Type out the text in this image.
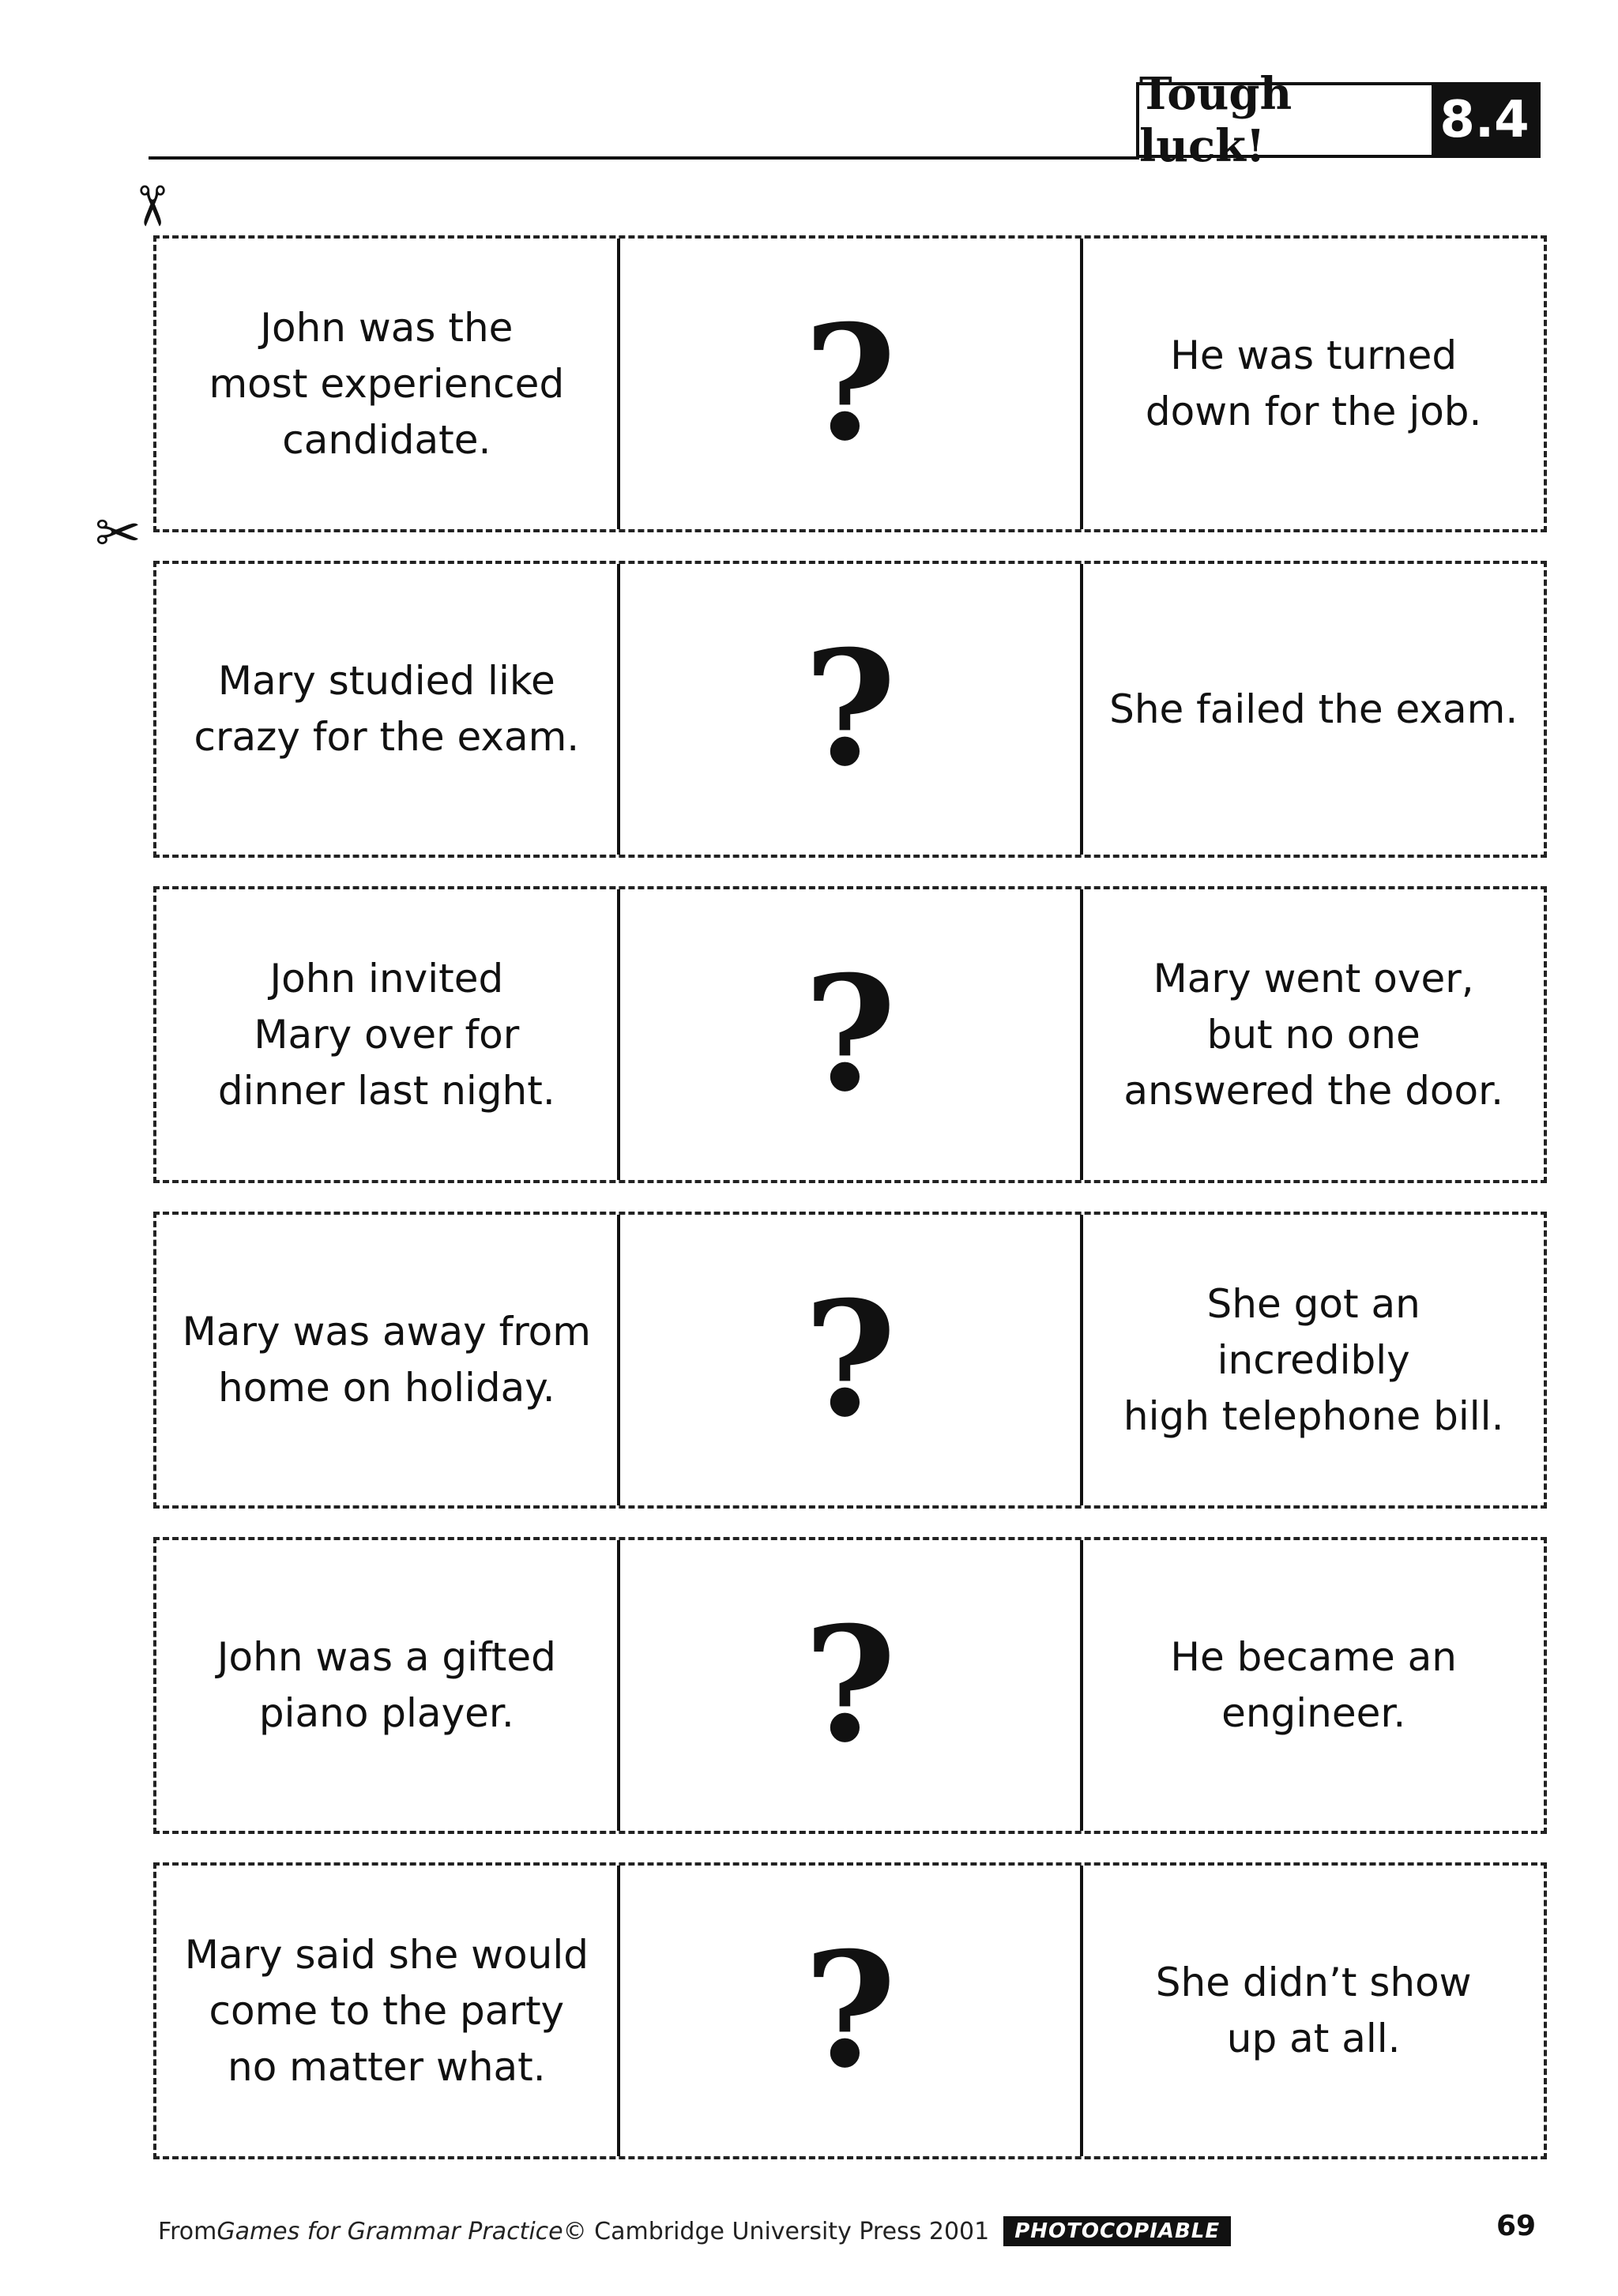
Tough luck!	8.4
✂
✂
John was the
most experienced
candidate.	?	He was turned
down for the job.
Mary studied like
crazy for the exam. ?	She failed the exam.
John invited
Mary over for
dinner last night. ?	Mary went over,
but no one
answered the door.
Mary was away from
home on holiday.	?	She got an incredibly
high telephone bill.
John was a gifted
piano player.	?	He became an
engineer.
Mary said she would
come to the party
no matter what.	?	She didn’t show
up at all.
From Games for Grammar Practice © Cambridge University Press 2001	PHOTOCOPIABLE	69
